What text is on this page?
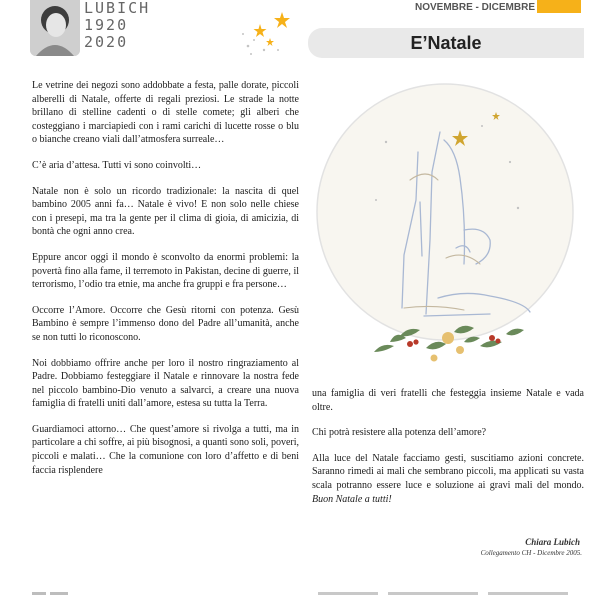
LUBICH
1920
2020
NOVEMBRE - DICEMBRE
E’Natale

Le vetrine dei negozi sono addobbate a festa, palle dorate, piccoli alberelli di Natale, offerte di regali preziosi. Le strade la notte brillano di stelline cadenti o di stelle comete; gli alberi che costeggiano i marciapiedi con i rami carichi di lucette rosse o blu o bianche creano viali dall’atmosfera surreale…

C’è aria d’attesa. Tutti vi sono coinvolti…

Natale non è solo un ricordo tradizionale: la nascita di quel bambino 2005 anni fa… Natale è vivo! E non solo nelle chiese con i presepi, ma tra la gente per il clima di gioia, di amicizia, di bontà che ogni anno crea.

Eppure ancor oggi il mondo è sconvolto da enormi problemi: la povertà fino alla fame, il terremoto in Pakistan, decine di guerre, il terrorismo, l’odio tra etnie, ma anche fra gruppi e fra persone…

Occorre l’Amore. Occorre che Gesù ritorni con potenza. Gesù Bambino è sempre l’immenso dono del Padre all’umanità, anche se non tutti lo riconoscono.

Noi dobbiamo offrire anche per loro il nostro ringraziamento al Padre. Dobbiamo festeggiare il Natale e rinnovare la nostra fede nel piccolo bambino-Dio venuto a salvarci, a creare una nuova famiglia di fratelli uniti dall’amore, estesa su tutta la Terra.

Guardiamoci attorno… Che quest’amore si rivolga a tutti, ma in particolare a chi soffre, ai più bisognosi, a quanti sono soli, poveri, piccoli e malati… Che la comunione con loro d’affetto e di beni faccia risplendere

una famiglia di veri fratelli che festeggia insieme Natale e vada oltre.

Chi potrà resistere alla potenza dell’amore?

Alla luce del Natale facciamo gesti, suscitiamo azioni concrete. Saranno rimedi ai mali che sembrano piccoli, ma applicati su vasta scala potranno essere luce e soluzione ai gravi mali del mondo. Buon Natale a tutti!

Chiara Lubich
Collegamento CH - Dicembre 2005.
